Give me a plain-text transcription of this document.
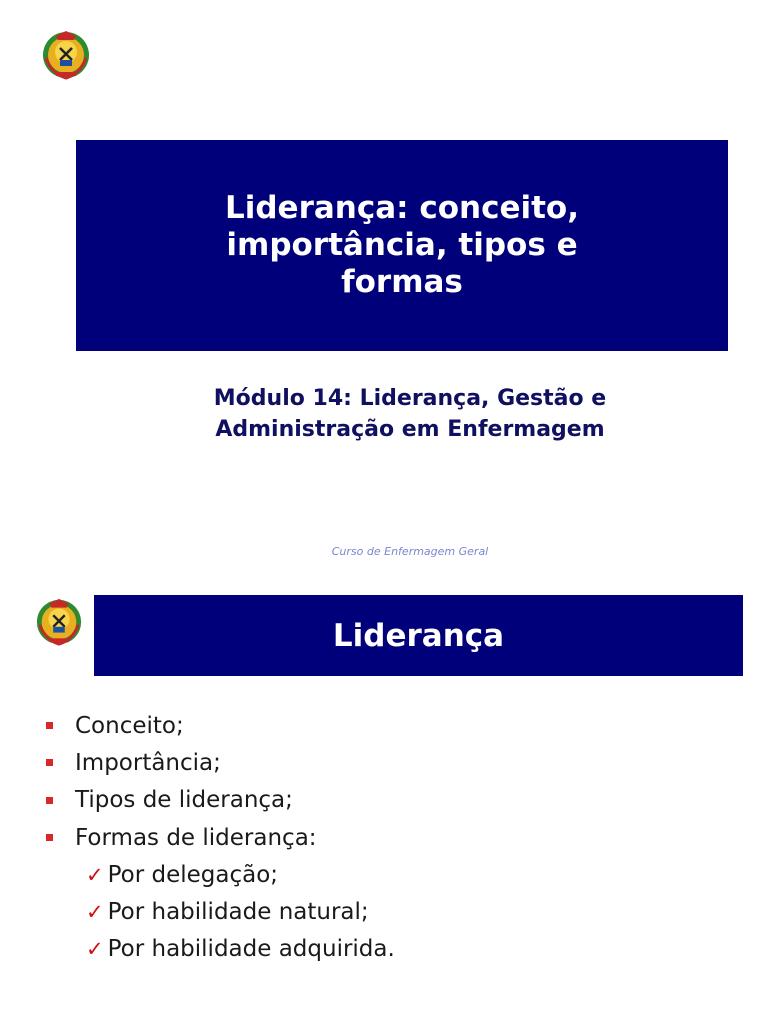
Liderança: conceito, importância, tipos e formas
Módulo 14: Liderança, Gestão e
Administração em Enfermagem
Curso de Enfermagem Geral
Liderança
Conceito;
Importância;
Tipos de liderança;
Formas de liderança:
✓ Por delegação;
✓ Por habilidade natural;
✓ Por habilidade adquirida.
